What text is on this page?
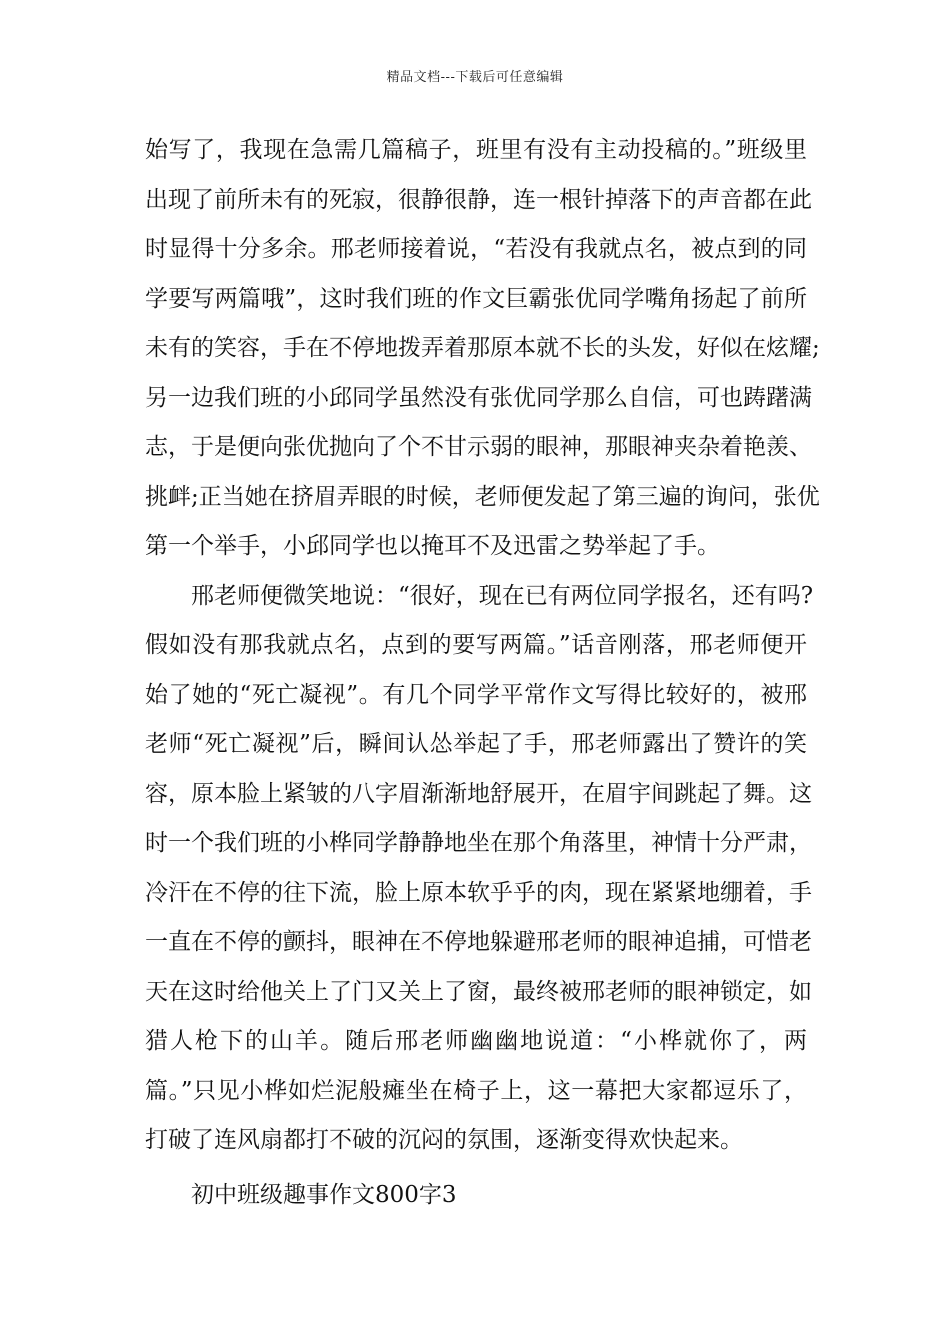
精品文档---下载后可任意编辑
始写了，我现在急需几篇稿子，班里有没有主动投稿的。”班级里
出现了前所未有的死寂，很静很静，连一根针掉落下的声音都在此
时显得十分多余。邢老师接着说，“若没有我就点名，被点到的同
学要写两篇哦”，这时我们班的作文巨霸张优同学嘴角扬起了前所
未有的笑容，手在不停地拨弄着那原本就不长的头发，好似在炫耀;
另一边我们班的小邱同学虽然没有张优同学那么自信，可也踌躇满
志，于是便向张优抛向了个不甘示弱的眼神，那眼神夹杂着艳羡、
挑衅;正当她在挤眉弄眼的时候，老师便发起了第三遍的询问，张优
第一个举手，小邱同学也以掩耳不及迅雷之势举起了手。
邢老师便微笑地说：“很好，现在已有两位同学报名，还有吗?
假如没有那我就点名，点到的要写两篇。”话音刚落，邢老师便开
始了她的“死亡凝视”。有几个同学平常作文写得比较好的，被邢
老师“死亡凝视”后，瞬间认怂举起了手，邢老师露出了赞许的笑
容，原本脸上紧皱的八字眉渐渐地舒展开，在眉宇间跳起了舞。这
时一个我们班的小桦同学静静地坐在那个角落里，神情十分严肃，
冷汗在不停的往下流，脸上原本软乎乎的肉，现在紧紧地绷着，手
一直在不停的颤抖，眼神在不停地躲避邢老师的眼神追捕，可惜老
天在这时给他关上了门又关上了窗，最终被邢老师的眼神锁定，如
猎人枪下的山羊。随后邢老师幽幽地说道：“小桦就你了，两
篇。”只见小桦如烂泥般瘫坐在椅子上，这一幕把大家都逗乐了，
打破了连风扇都打不破的沉闷的氛围，逐渐变得欢快起来。
初中班级趣事作文800字3
